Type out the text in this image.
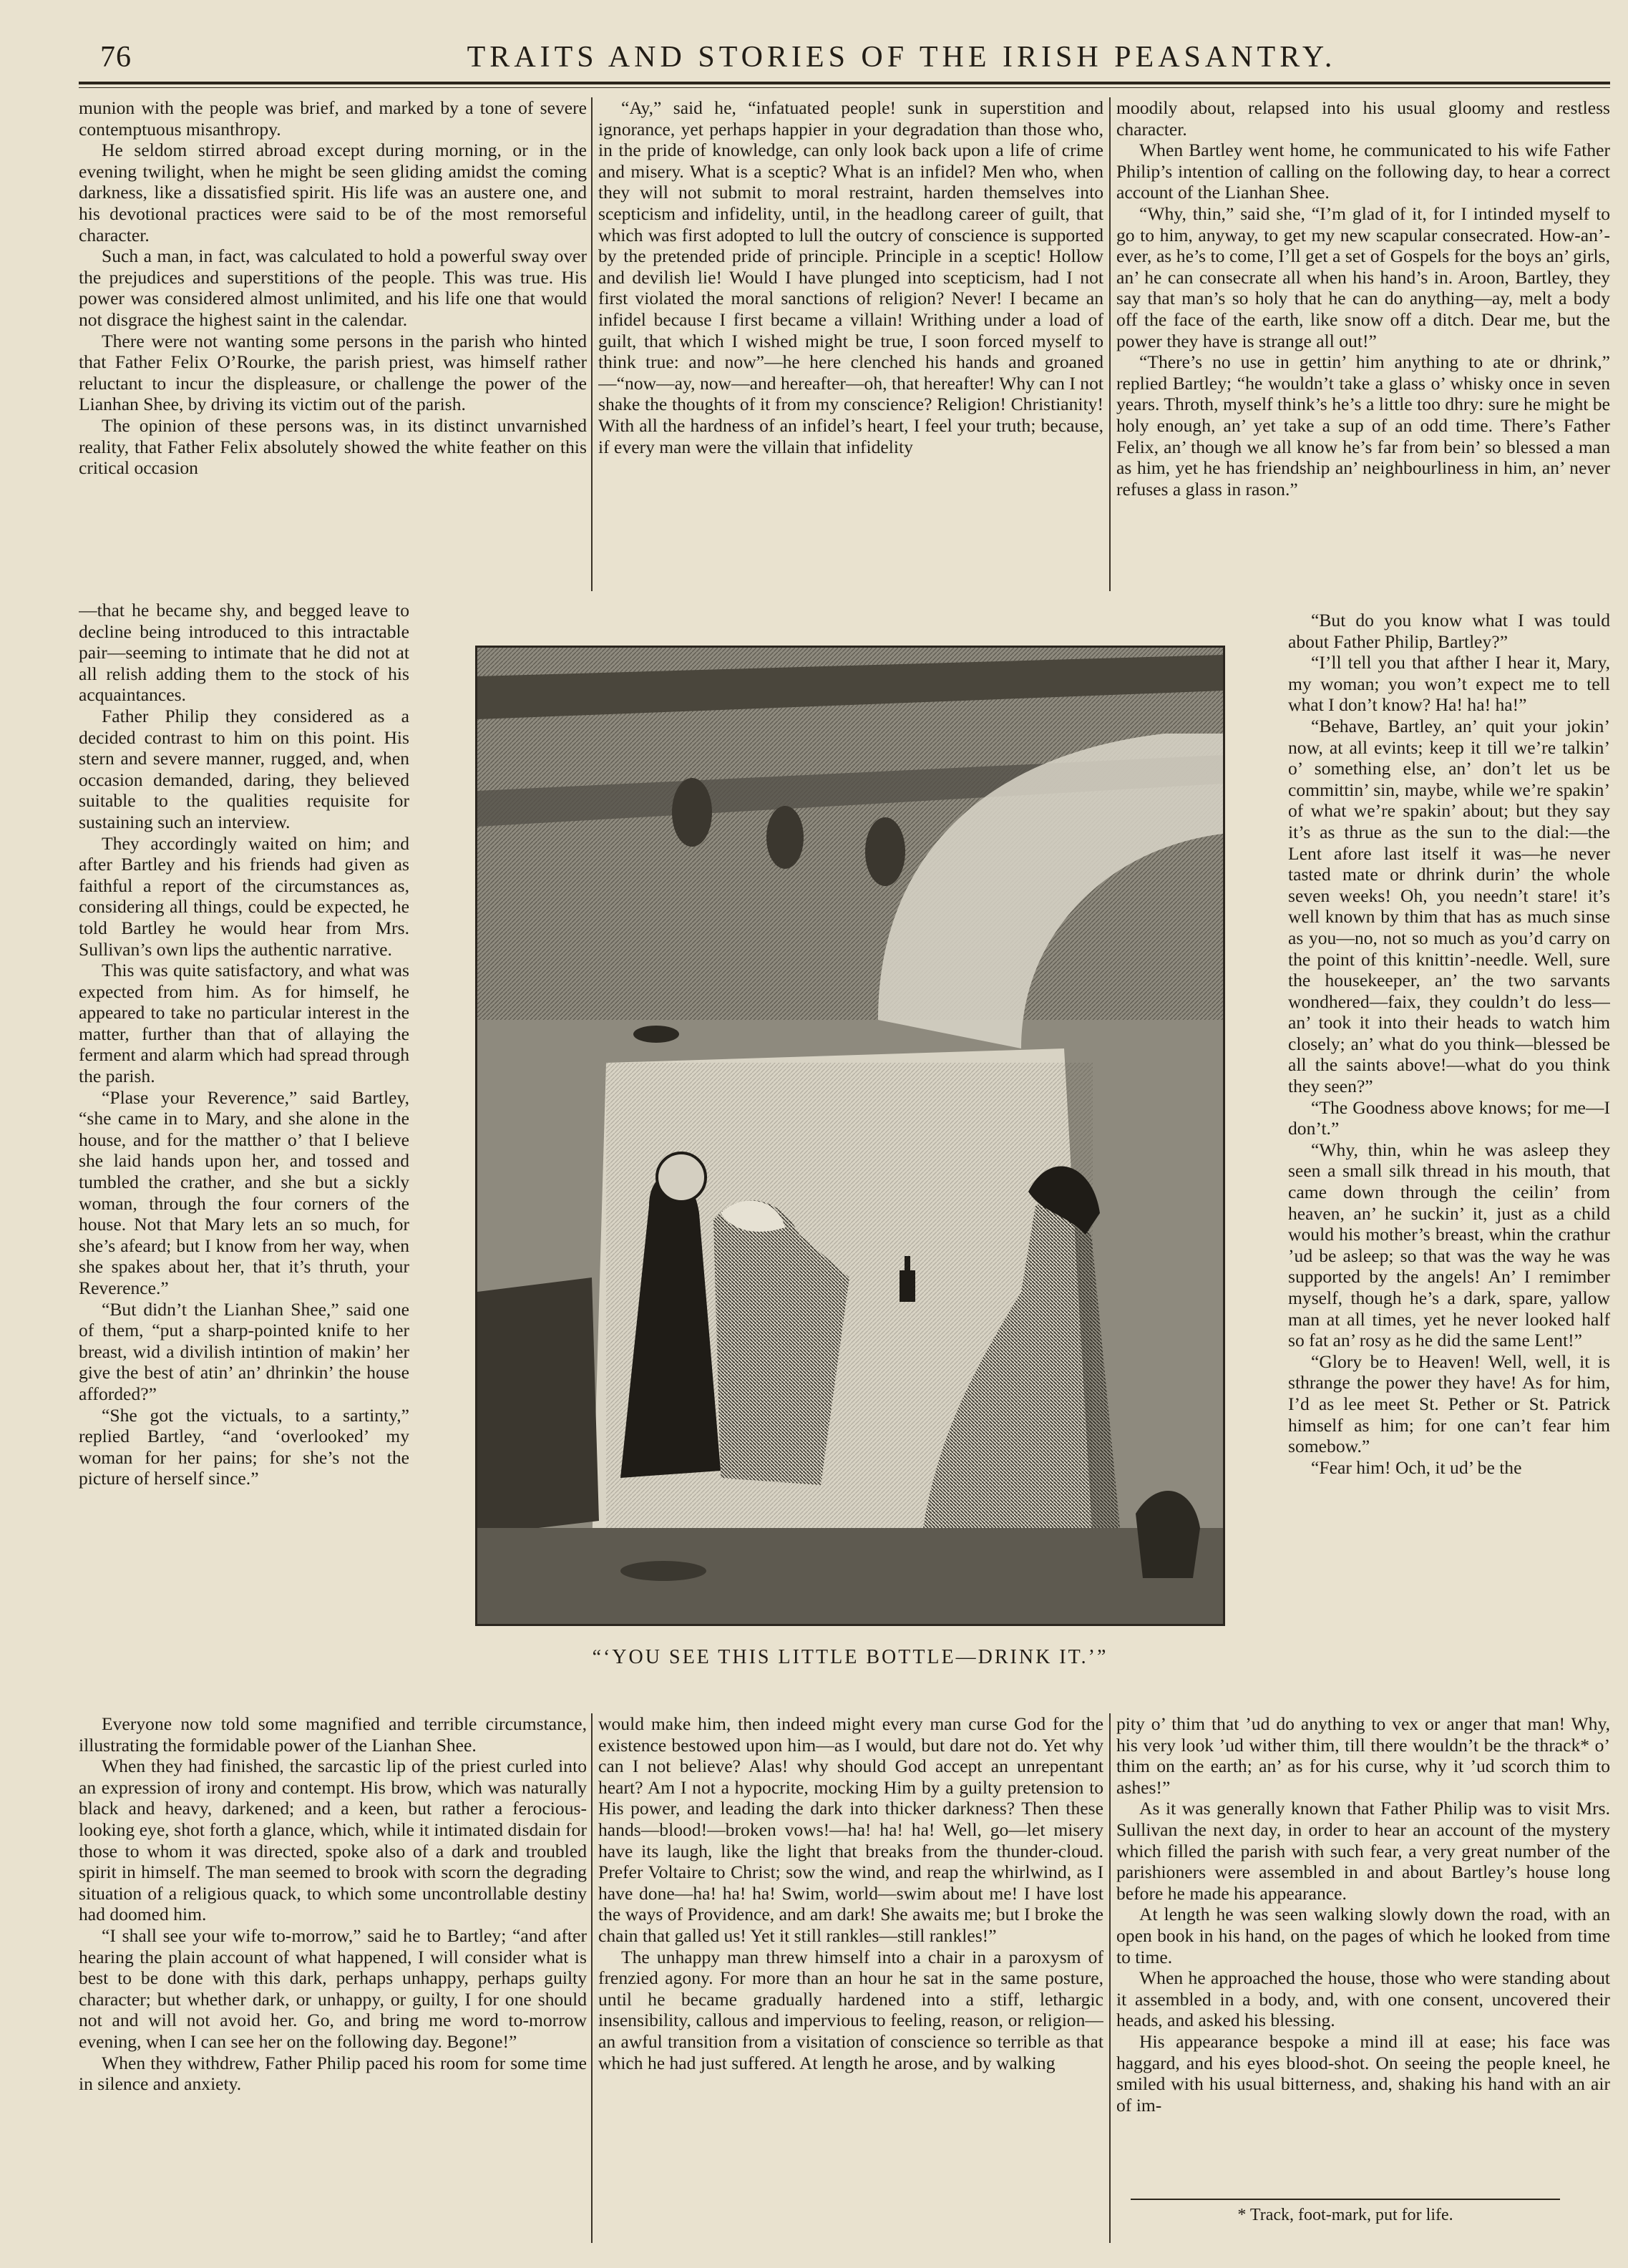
76	TRAITS AND STORIES OF THE IRISH PEASANTRY.

munion with the people was brief, and marked by a tone of severe contemptuous misanthropy.

He seldom stirred abroad except during morning, or in the evening twilight, when he might be seen gliding amidst the coming darkness, like a dissatisfied spirit. His life was an austere one, and his devotional practices were said to be of the most remorseful character.

Such a man, in fact, was calculated to hold a powerful sway over the prejudices and superstitions of the people. This was true. His power was considered almost unlimited, and his life one that would not disgrace the highest saint in the calendar.

There were not wanting some persons in the parish who hinted that Father Felix O’Rourke, the parish priest, was himself rather reluctant to incur the displeasure, or challenge the power of the Lianhan Shee, by driving its victim out of the parish.

The opinion of these persons was, in its distinct unvarnished reality, that Father Felix absolutely showed the white feather on this critical occasion

—that he became shy, and begged leave to decline being introduced to this intractable pair—seeming to intimate that he did not at all relish adding them to the stock of his acquaintances.

Father Philip they considered as a decided contrast to him on this point. His stern and severe manner, rugged, and, when occasion demanded, daring, they believed suitable to the qualities requisite for sustaining such an interview.

They accordingly waited on him; and after Bartley and his friends had given as faithful a report of the circumstances as, considering all things, could be expected, he told Bartley he would hear from Mrs. Sullivan’s own lips the authentic narrative.

This was quite satisfactory, and what was expected from him. As for himself, he appeared to take no particular interest in the matter, further than that of allaying the ferment and alarm which had spread through the parish.

“Plase your Reverence,” said Bartley, “she came in to Mary, and she alone in the house, and for the matther o’ that I believe she laid hands upon her, and tossed and tumbled the crather, and she but a sickly woman, through the four corners of the house. Not that Mary lets an so much, for she’s afeard; but I know from her way, when she spakes about her, that it’s thruth, your Reverence.”

“But didn’t the Lianhan Shee,” said one of them, “put a sharp-pointed knife to her breast, wid a divilish intintion of makin’ her give the best of atin’ an’ dhrinkin’ the house afforded?”

“She got the victuals, to a sartinty,” replied Bartley, “and ‘overlooked’ my woman for her pains; for she’s not the picture of herself since.”

Everyone now told some magnified and terrible circumstance, illustrating the formidable power of the Lianhan Shee.

When they had finished, the sarcastic lip of the priest curled into an expression of irony and contempt. His brow, which was naturally black and heavy, darkened; and a keen, but rather a ferocious-looking eye, shot forth a glance, which, while it intimated disdain for those to whom it was directed, spoke also of a dark and troubled spirit in himself. The man seemed to brook with scorn the degrading situation of a religious quack, to which some uncontrollable destiny had doomed him.

“I shall see your wife to-morrow,” said he to Bartley; “and after hearing the plain account of what happened, I will consider what is best to be done with this dark, perhaps unhappy, perhaps guilty character; but whether dark, or unhappy, or guilty, I for one should not and will not avoid her. Go, and bring me word to-morrow evening, when I can see her on the following day. Begone!”

When they withdrew, Father Philip paced his room for some time in silence and anxiety.

“Ay,” said he, “infatuated people! sunk in superstition and ignorance, yet perhaps happier in your degradation than those who, in the pride of knowledge, can only look back upon a life of crime and misery. What is a sceptic? What is an infidel? Men who, when they will not submit to moral restraint, harden themselves into scepticism and infidelity, until, in the headlong career of guilt, that which was first adopted to lull the outcry of conscience is supported by the pretended pride of principle. Principle in a sceptic! Hollow and devilish lie! Would I have plunged into scepticism, had I not first violated the moral sanctions of religion? Never! I became an infidel because I first became a villain! Writhing under a load of guilt, that which I wished might be true, I soon forced myself to think true: and now”—he here clenched his hands and groaned—“now—ay, now—and hereafter—oh, that hereafter! Why can I not shake the thoughts of it from my conscience? Religion! Christianity! With all the hardness of an infidel’s heart, I feel your truth; because, if every man were the villain that infidelity

would make him, then indeed might every man curse God for the existence bestowed upon him—as I would, but dare not do. Yet why can I not believe? Alas! why should God accept an unrepentant heart? Am I not a hypocrite, mocking Him by a guilty pretension to His power, and leading the dark into thicker darkness? Then these hands—blood!—broken vows!—ha! ha! ha! Well, go—let misery have its laugh, like the light that breaks from the thunder-cloud. Prefer Voltaire to Christ; sow the wind, and reap the whirlwind, as I have done—ha! ha! ha! Swim, world—swim about me! I have lost the ways of Providence, and am dark! She awaits me; but I broke the chain that galled us! Yet it still rankles—still rankles!”

The unhappy man threw himself into a chair in a paroxysm of frenzied agony. For more than an hour he sat in the same posture, until he became gradually hardened into a stiff, lethargic insensibility, callous and impervious to feeling, reason, or religion—an awful transition from a visitation of conscience so terrible as that which he had just suffered. At length he arose, and by walking

moodily about, relapsed into his usual gloomy and restless character.

When Bartley went home, he communicated to his wife Father Philip’s intention of calling on the following day, to hear a correct account of the Lianhan Shee.

“Why, thin,” said she, “I’m glad of it, for I intinded myself to go to him, anyway, to get my new scapular consecrated. How-an’-ever, as he’s to come, I’ll get a set of Gospels for the boys an’ girls, an’ he can consecrate all when his hand’s in. Aroon, Bartley, they say that man’s so holy that he can do anything—ay, melt a body off the face of the earth, like snow off a ditch. Dear me, but the power they have is strange all out!”

“There’s no use in gettin’ him anything to ate or dhrink,” replied Bartley; “he wouldn’t take a glass o’ whisky once in seven years. Throth, myself think’s he’s a little too dhry: sure he might be holy enough, an’ yet take a sup of an odd time. There’s Father Felix, an’ though we all know he’s far from bein’ so blessed a man as him, yet he has friendship an’ neighbourliness in him, an’ never refuses a glass in rason.”

“But do you know what I was tould about Father Philip, Bartley?”

“I’ll tell you that afther I hear it, Mary, my woman; you won’t expect me to tell what I don’t know? Ha! ha! ha!”

“Behave, Bartley, an’ quit your jokin’ now, at all evints; keep it till we’re talkin’ o’ something else, an’ don’t let us be committin’ sin, maybe, while we’re spakin’ of what we’re spakin’ about; but they say it’s as thrue as the sun to the dial:—the Lent afore last itself it was—he never tasted mate or dhrink durin’ the whole seven weeks! Oh, you needn’t stare! it’s well known by thim that has as much sinse as you—no, not so much as you’d carry on the point of this knittin’-needle. Well, sure the housekeeper, an’ the two sarvants wondhered—faix, they couldn’t do less—an’ took it into their heads to watch him closely; an’ what do you think—blessed be all the saints above!—what do you think they seen?”

“The Goodness above knows; for me—I don’t.”

“Why, thin, whin he was asleep they seen a small silk thread in his mouth, that came down through the ceilin’ from heaven, an’ he suckin’ it, just as a child would his mother’s breast, whin the crathur ’ud be asleep; so that was the way he was supported by the angels! An’ I remimber myself, though he’s a dark, spare, yallow man at all times, yet he never looked half so fat an’ rosy as he did the same Lent!”

“Glory be to Heaven! Well, well, it is sthrange the power they have! As for him, I’d as lee meet St. Pether or St. Patrick himself as him; for one can’t fear him somebow.”

“Fear him! Och, it ud’ be the

pity o’ thim that ’ud do anything to vex or anger that man! Why, his very look ’ud wither thim, till there wouldn’t be the thrack* o’ thim on the earth; an’ as for his curse, why it ’ud scorch thim to ashes!”

As it was generally known that Father Philip was to visit Mrs. Sullivan the next day, in order to hear an account of the mystery which filled the parish with such fear, a very great number of the parishioners were assembled in and about Bartley’s house long before he made his appearance.

At length he was seen walking slowly down the road, with an open book in his hand, on the pages of which he looked from time to time.

When he approached the house, those who were standing about it assembled in a body, and, with one consent, uncovered their heads, and asked his blessing.

His appearance bespoke a mind ill at ease; his face was haggard, and his eyes blood-shot. On seeing the people kneel, he smiled with his usual bitterness, and, shaking his hand with an air of im-

“‘YOU SEE THIS LITTLE BOTTLE—DRINK IT.’”
* Track, foot-mark, put for life.
